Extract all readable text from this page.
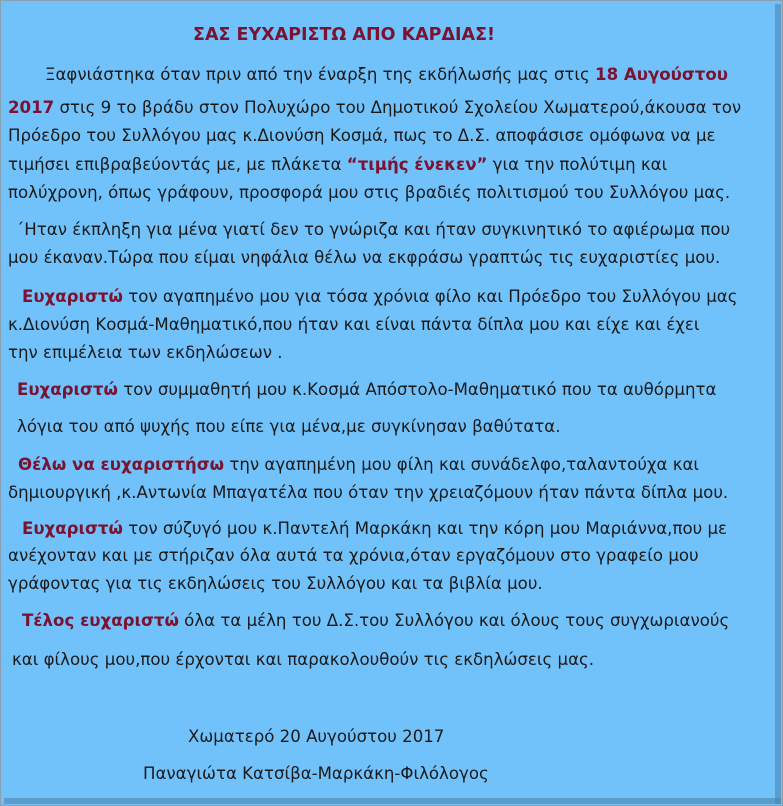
ΣΑΣ ΕΥΧΑΡΙΣΤΩ ΑΠΟ ΚΑΡΔΙΑΣ!

Ξαφνιάστηκα όταν πριν από την έναρξη της εκδήλωσής μας στις 18 Αυγούστου

2017 στις 9 το βράδυ στον Πολυχώρο του Δημοτικού Σχολείου Χωματερού,άκουσα τον

Πρόεδρο του Συλλόγου μας κ.Διονύση Κοσμά, πως το Δ.Σ. αποφάσισε ομόφωνα να με

τιμήσει επιβραβεύοντάς με, με πλάκετα “τιμής ένεκεν” για την πολύτιμη και

πολύχρονη, όπως γράφουν, προσφορά μου στις βραδιές πολιτισμού του Συλλόγου μας.

΄Ηταν έκπληξη για μένα γιατί δεν το γνώριζα και ήταν συγκινητικό το αφιέρωμα που

μου έκαναν.Τώρα που είμαι νηφάλια θέλω να εκφράσω γραπτώς τις ευχαριστίες μου.

Ευχαριστώ τον αγαπημένο μου για τόσα χρόνια φίλο και Πρόεδρο του Συλλόγου μας

κ.Διονύση Κοσμά-Μαθηματικό,που ήταν και είναι πάντα δίπλα μου και είχε και έχει

την επιμέλεια των εκδηλώσεων .

Ευχαριστώ τον συμμαθητή μου κ.Κοσμά Απόστολο-Μαθηματικό που τα αυθόρμητα

λόγια του από ψυχής που είπε για μένα,με συγκίνησαν βαθύτατα.

Θέλω να ευχαριστήσω την αγαπημένη μου φίλη και συνάδελφο,ταλαντούχα και

δημιουργική ,κ.Αντωνία Μπαγατέλα που όταν την χρειαζόμουν ήταν πάντα δίπλα μου.

Ευχαριστώ τον σύζυγό μου κ.Παντελή Μαρκάκη και την κόρη μου Μαριάννα,που με

ανέχονταν και με στήριζαν όλα αυτά τα χρόνια,όταν εργαζόμουν στο γραφείο μου

γράφοντας για τις εκδηλώσεις του Συλλόγου και τα βιβλία μου.

Τέλος ευχαριστώ όλα τα μέλη του Δ.Σ.του Συλλόγου και όλους τους συγχωριανούς

και φίλους μου,που έρχονται και παρακολουθούν τις εκδηλώσεις μας.

Χωματερό 20 Αυγούστου 2017

Παναγιώτα Κατσίβα-Μαρκάκη-Φιλόλογος
